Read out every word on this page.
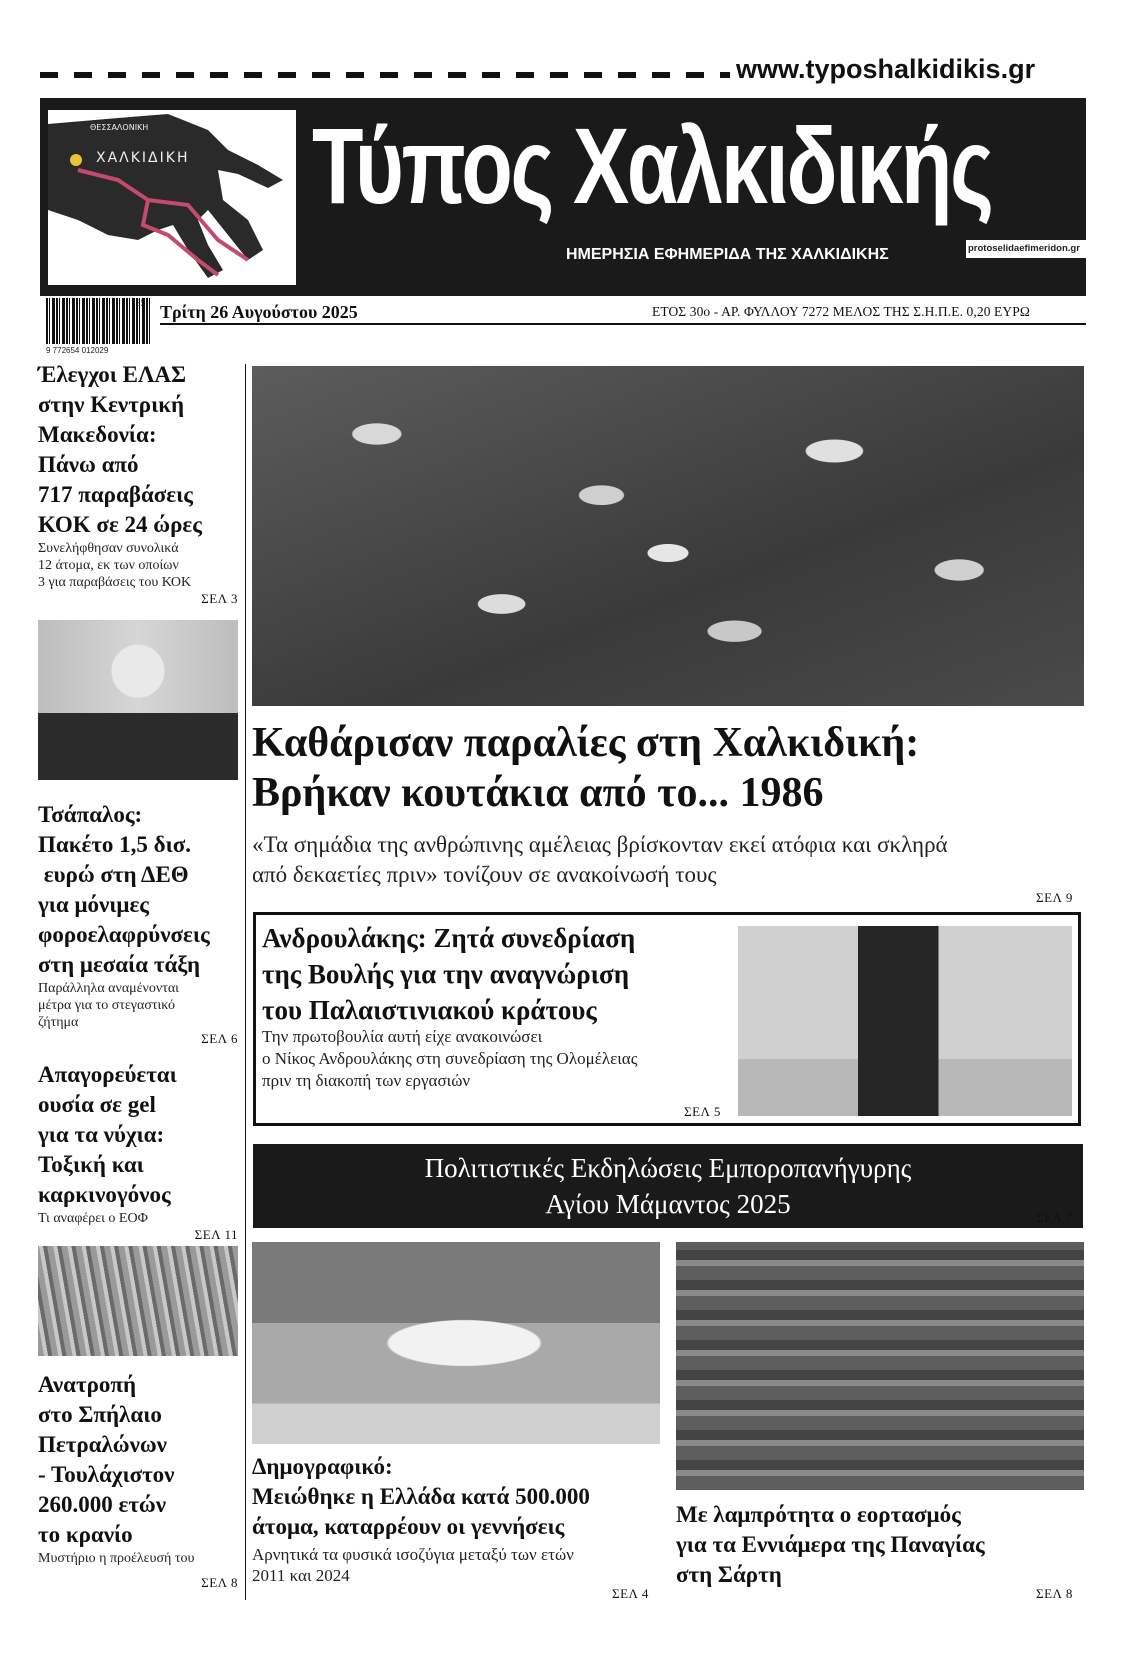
www.typoshalkidikis.gr
ΘΕΣΣΑΛΟΝΙΚΗ
ΧΑΛΚΙΔΙΚΗ Τύπος Χαλκιδικής
ΗΜΕΡΗΣΙΑ ΕΦΗΜΕΡΙΔΑ ΤΗΣ ΧΑΛΚΙΔΙΚΗΣ	protoselidaefimeridon.gr
35
9 772654 012029
Τρίτη 26 Αυγούστου 2025	ΕΤΟΣ 30ο - ΑΡ. ΦΥΛΛΟΥ 7272 ΜΕΛΟΣ ΤΗΣ Σ.Η.Π.Ε. 0,20 ΕΥΡΩ
Έλεγχοι ΕΛΑΣ
στην Κεντρική
Μακεδονία:
Πάνω από
717 παραβάσεις
ΚΟΚ σε 24 ώρες
Συνελήφθησαν συνολικά
12 άτομα, εκ των οποίων
3 για παραβάσεις του ΚΟΚ
ΣΕΛ 3
Τσάπαλος:
Πακέτο 1,5 δισ.
ευρώ στη ΔΕΘ
για μόνιμες
φοροελαφρύνσεις
στη μεσαία τάξη
Παράλληλα αναμένονται
μέτρα για το στεγαστικό
ζήτημα
ΣΕΛ 6
Απαγορεύεται
ουσία σε gel
για τα νύχια:
Τοξική και
καρκινογόνος
Τι αναφέρει ο ΕΟΦ
ΣΕΛ 11
Ανατροπή
στο Σπήλαιο
Πετραλώνων
- Τουλάχιστον
260.000 ετών
το κρανίο
Μυστήριο η προέλευσή του
ΣΕΛ 8
Καθάρισαν παραλίες στη Χαλκιδική:
Βρήκαν κουτάκια από το... 1986
«Τα σημάδια της ανθρώπινης αμέλειας βρίσκονταν εκεί ατόφια και σκληρά
από δεκαετίες πριν» τονίζουν σε ανακοίνωσή τους
ΣΕΛ 9
Ανδρουλάκης: Ζητά συνεδρίαση
της Βουλής για την αναγνώριση
του Παλαιστινιακού κράτους
Την πρωτοβουλία αυτή είχε ανακοινώσει
ο Νίκος Ανδρουλάκης στη συνεδρίαση της Ολομέλειας
πριν τη διακοπή των εργασιών
ΣΕΛ 5
Πολιτιστικές Εκδηλώσεις Εμποροπανήγυρης
Αγίου Μάμαντος 2025	ΣΕΛ 7
Δημογραφικό:
Μειώθηκε η Ελλάδα κατά 500.000
άτομα, καταρρέουν οι γεννήσεις
Αρνητικά τα φυσικά ισοζύγια μεταξύ των ετών
2011 και 2024
ΣΕΛ 4
Με λαμπρότητα ο εορτασμός
για τα Εννιάμερα της Παναγίας
στη Σάρτη
ΣΕΛ 8
